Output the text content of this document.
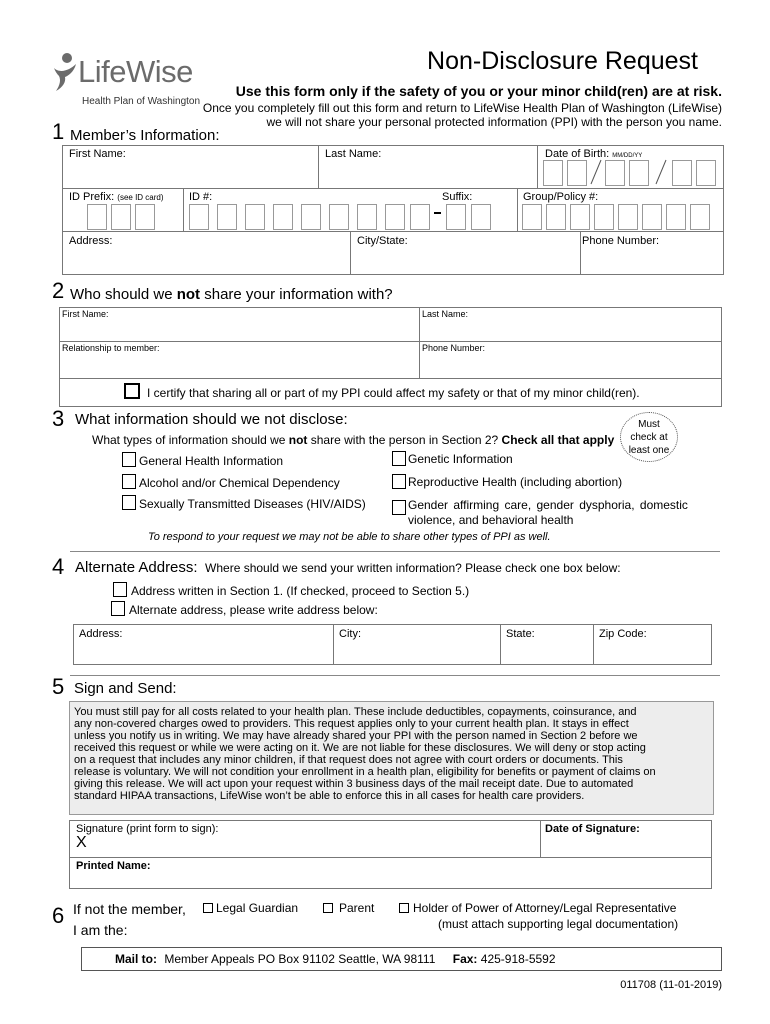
LifeWise
Health Plan of Washington
Non-Disclosure Request
Use this form only if the safety of you or your minor child(ren) are at risk.
Once you completely fill out this form and return to LifeWise Health Plan of Washington (LifeWise)
we will not share your personal protected information (PPI) with the person you name.
1 Member’s Information:
First Name:	Last Name:	Date of Birth: MM/DD/YY
ID Prefix: (see ID card) ID #:	Suffix:	Group/Policy #:
Address:	City/State:	Phone Number:
2 Who should we not share your information with?
First Name:	Last Name:
Relationship to member:	Phone Number:
I certify that sharing all or part of my PPI could affect my safety or that of my minor child(ren).
3 What information should we not disclose:
What types of information should we not share with the person in Section 2? Check all that apply
Must
check at
least one
General Health Information
Alcohol and/or Chemical Dependency
Sexually Transmitted Diseases (HIV/AIDS)
Genetic Information
Reproductive Health (including abortion)
Gender affirming care, gender dysphoria, domestic
violence, and behavioral health
To respond to your request we may not be able to share other types of PPI as well.
4 Alternate Address: Where should we send your written information? Please check one box below:
Address written in Section 1. (If checked, proceed to Section 5.)
Alternate address, please write address below:
Address:	City:	State:	Zip Code:
5 Sign and Send:
You must still pay for all costs related to your health plan. These include deductibles, copayments, coinsurance, and
any non-covered charges owed to providers. This request applies only to your current health plan. It stays in effect
unless you notify us in writing. We may have already shared your PPI with the person named in Section 2 before we
received this request or while we were acting on it. We are not liable for these disclosures. We will deny or stop acting
on a request that includes any minor children, if that request does not agree with court orders or documents. This
release is voluntary. We will not condition your enrollment in a health plan, eligibility for benefits or payment of claims on
giving this release. We will act upon your request within 3 business days of the mail receipt date. Due to automated
standard HIPAA transactions, LifeWise won’t be able to enforce this in all cases for health care providers.
Signature (print form to sign):
X
Date of Signature:
Printed Name:
6 If not the member,
I am the:
Legal Guardian	Parent	Holder of Power of Attorney/Legal Representative
(must attach supporting legal documentation)
Mail to: Member Appeals PO Box 91102 Seattle, WA 98111 Fax: 425-918-5592
011708 (11-01-2019)
